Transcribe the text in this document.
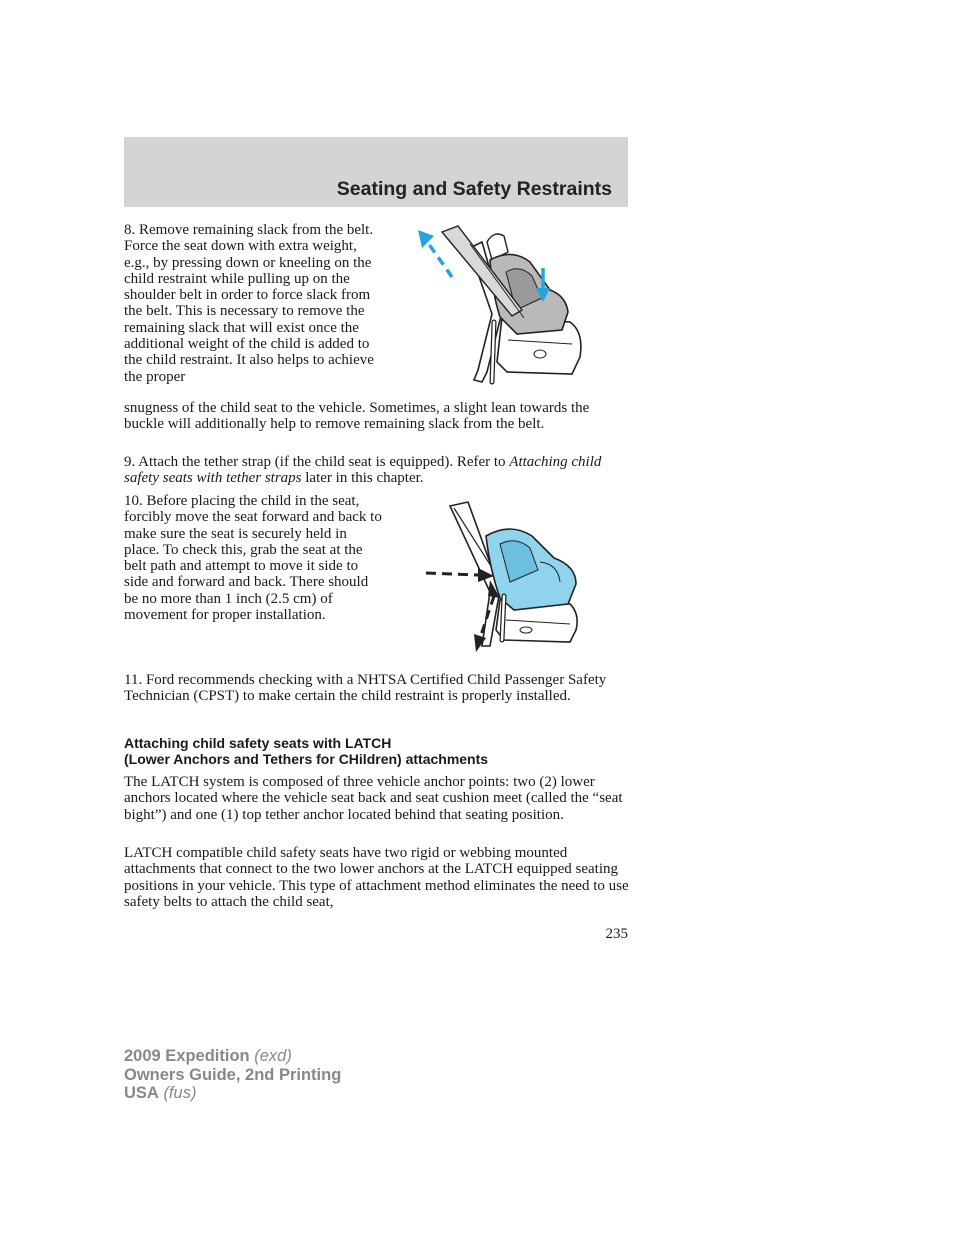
Seating and Safety Restraints

8. Remove remaining slack from the belt. Force the seat down with extra weight, e.g., by pressing down or kneeling on the child restraint while pulling up on the shoulder belt in order to force slack from the belt. This is necessary to remove the remaining slack that will exist once the additional weight of the child is added to the child restraint. It also helps to achieve the proper

snugness of the child seat to the vehicle. Sometimes, a slight lean towards the buckle will additionally help to remove remaining slack from the belt.

9. Attach the tether strap (if the child seat is equipped). Refer to Attaching child safety seats with tether straps later in this chapter.

10. Before placing the child in the seat, forcibly move the seat forward and back to make sure the seat is securely held in place. To check this, grab the seat at the belt path and attempt to move it side to side and forward and back. There should be no more than 1 inch (2.5 cm) of movement for proper installation.

11. Ford recommends checking with a NHTSA Certified Child Passenger Safety Technician (CPST) to make certain the child restraint is properly installed.

Attaching child safety seats with LATCH
(Lower Anchors and Tethers for CHildren) attachments

The LATCH system is composed of three vehicle anchor points: two (2) lower anchors located where the vehicle seat back and seat cushion meet (called the “seat bight”) and one (1) top tether anchor located behind that seating position.

LATCH compatible child safety seats have two rigid or webbing mounted attachments that connect to the two lower anchors at the LATCH equipped seating positions in your vehicle. This type of attachment method eliminates the need to use safety belts to attach the child seat,

235
2009 Expedition (exd)
Owners Guide, 2nd Printing
USA (fus)
